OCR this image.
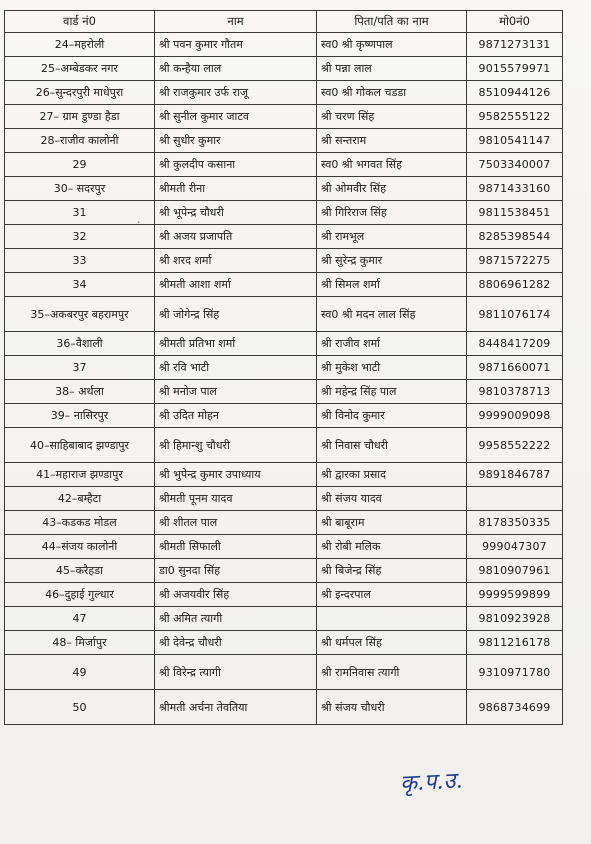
वार्ड नं0	नाम	पिता/पति का नाम	मो0नं0
24–महरोली	श्री पवन कुमार गौतम	स्व0 श्री कृष्णपाल	9871273131
25–अम्बेडकर नगर	श्री कन्हैया लाल	श्री पन्ना लाल	9015579971
26–सुन्दरपुरी माधेपुरा	श्री राजकुमार उर्फ राजू	स्व0 श्री गोकल चडडा	8510944126
27– ग्राम डुण्डा हैडा	श्री सुनील कुमार जाटव	श्री चरण सिंह	9582555122
28–राजीव कालोनी	श्री सुधीर कुमार	श्री सन्तराम	9810541147
29	श्री कुलदीप कसाना	स्व0 श्री भगवत सिंह	7503340007
30– सदरपुर	श्रीमती रीना	श्री ओमवीर सिंह	9871433160
31	श्री भूपेन्द्र चौधरी	श्री गिरिराज सिंह	9811538451
32	श्री अजय प्रजापति	श्री रामभूल	8285398544
33	श्री शरद शर्मा	श्री सुरेन्द्र कुमार	9871572275
34	श्रीमती आशा शर्मा	श्री सिमल शर्मा	8806961282
35–अकबरपुर बहरामपुर	श्री जोगेन्द्र सिंह	स्व0 श्री मदन लाल सिंह	9811076174
36–वैशाली	श्रीमती प्रतिभा शर्मा	श्री राजीव शर्मा	8448417209
37	श्री रवि भाटी	श्री मुकेश भाटी	9871660071
38– अर्थला	श्री मनोज पाल	श्री महेन्द्र सिंह पाल	9810378713
39– नासिरपुर	श्री उदित मोहन	श्री विनोद कुमार	9999009098
40–साहिबाबाद झण्डापुर	श्री हिमान्शु चौधरी	श्री निवास चौधरी	9958552222
41–महाराज झण्डापुर	श्री भुपेन्द्र कुमार उपाध्याय	श्री द्वारका प्रसाद	9891846787
42–बम्हैटा	श्रीमती पूनम यादव	श्री संजय यादव	
43–कडकड मोडल	श्री शीतल पाल	श्री बाबूराम	8178350335
44–संजय कालोनी	श्रीमती सिफाली	श्री रोबी मलिक	999047307
45–करैहडा	डा0 सुनदा सिंह	श्री बिजेन्द्र सिंह	9810907961
46–दुहाई गुल्धार	श्री अजयवीर सिंह	श्री इन्दरपाल	9999599899
47	श्री अमित त्यागी		9810923928
48– मिर्जापुर	श्री देवेन्द्र चौधरी	श्री धर्मपल सिंह	9811216178
49	श्री विरेन्द्र त्यागी	श्री रामनिवास त्यागी	9310971780
50	श्रीमती अर्चना तेवतिया	श्री संजय चौधरी	9868734699
`
कृ.प.उ.
